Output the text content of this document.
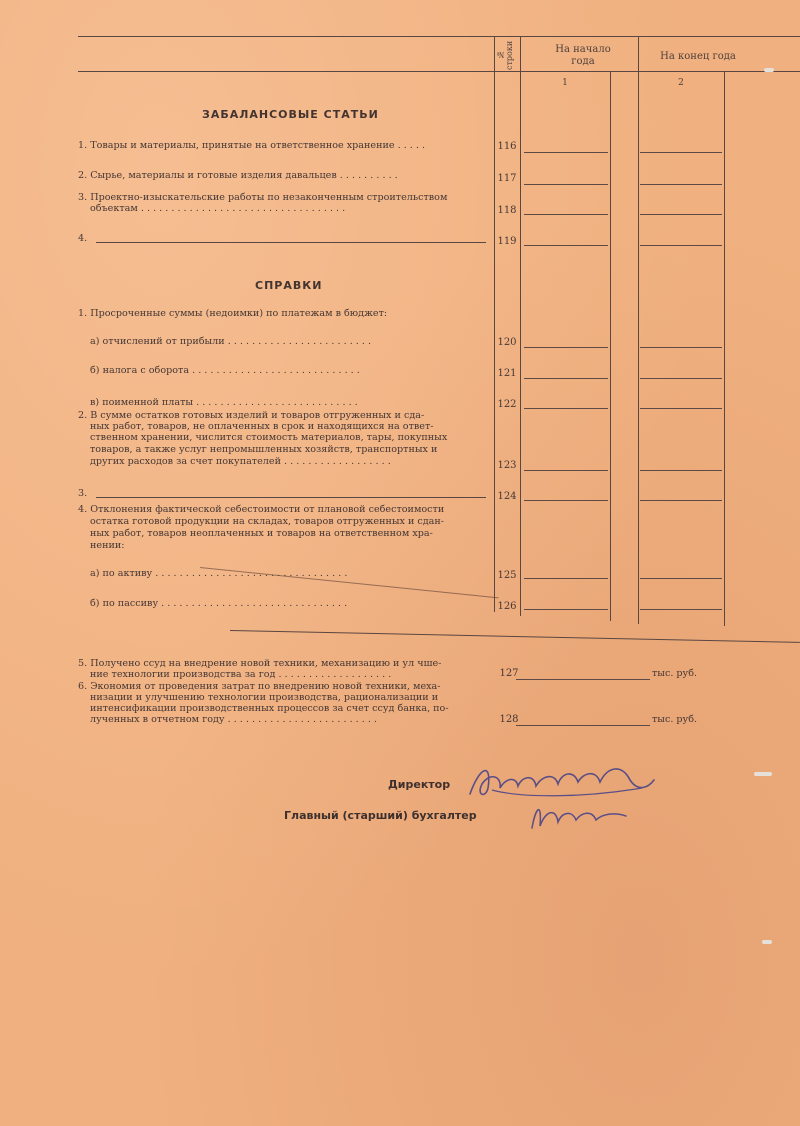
№ строки	На начало года	На конец года
1	2
ЗАБАЛАНСОВЫЕ СТАТЬИ
1. Товары и материалы, принятые на ответственное хранение . . . . .	116
2. Сырье, материалы и готовые изделия давальцев . . . . . . . . . .	117
3. Проектно-изыскательские работы по незаконченным строительством
объектам . . . . . . . . . . . . . . . . . . . . . . . . . . . . . . . . . .	118
4.	119
СПРАВКИ
1. Просроченные суммы (недоимки) по платежам в бюджет:
а) отчислений от прибыли . . . . . . . . . . . . . . . . . . . . . . . .	120
б) налога с оборота . . . . . . . . . . . . . . . . . . . . . . . . . . . .	121
в) поименной платы . . . . . . . . . . . . . . . . . . . . . . . . . . .	122
2. В сумме остатков готовых изделий и товаров отгруженных и сда-
ных работ, товаров, не оплаченных в срок и находящихся на ответ-
ственном хранении, числится стоимость материалов, тары, покупных
товаров, а также услуг непромышленных хозяйств, транспортных и
других расходов за счет покупателей . . . . . . . . . . . . . . . . . .	123
3.	124
4. Отклонения фактической себестоимости от плановой себестоимости
остатка готовой продукции на складах, товаров отгруженных и сдан-
ных работ, товаров неоплаченных и товаров на ответственном хра-
нении:
а) по активу . . . . . . . . . . . . . . . . . . . . . . . . . . . . . . . .	125
б) по пассиву . . . . . . . . . . . . . . . . . . . . . . . . . . . . . . .	126
5. Получено ссуд на внедрение новой техники, механизацию и ул чше-
ние технологии производства за год . . . . . . . . . . . . . . . . . . .	127	тыс. руб.
6. Экономия от проведения затрат по внедрению новой техники, меха-
низации и улучшению технологии производства, рационализации и
интенсификации производственных процессов за счет ссуд банка, по-
лученных в отчетном году . . . . . . . . . . . . . . . . . . . . . . . . .	128	тыс. руб.
Директор
Главный (старший) бухгалтер
